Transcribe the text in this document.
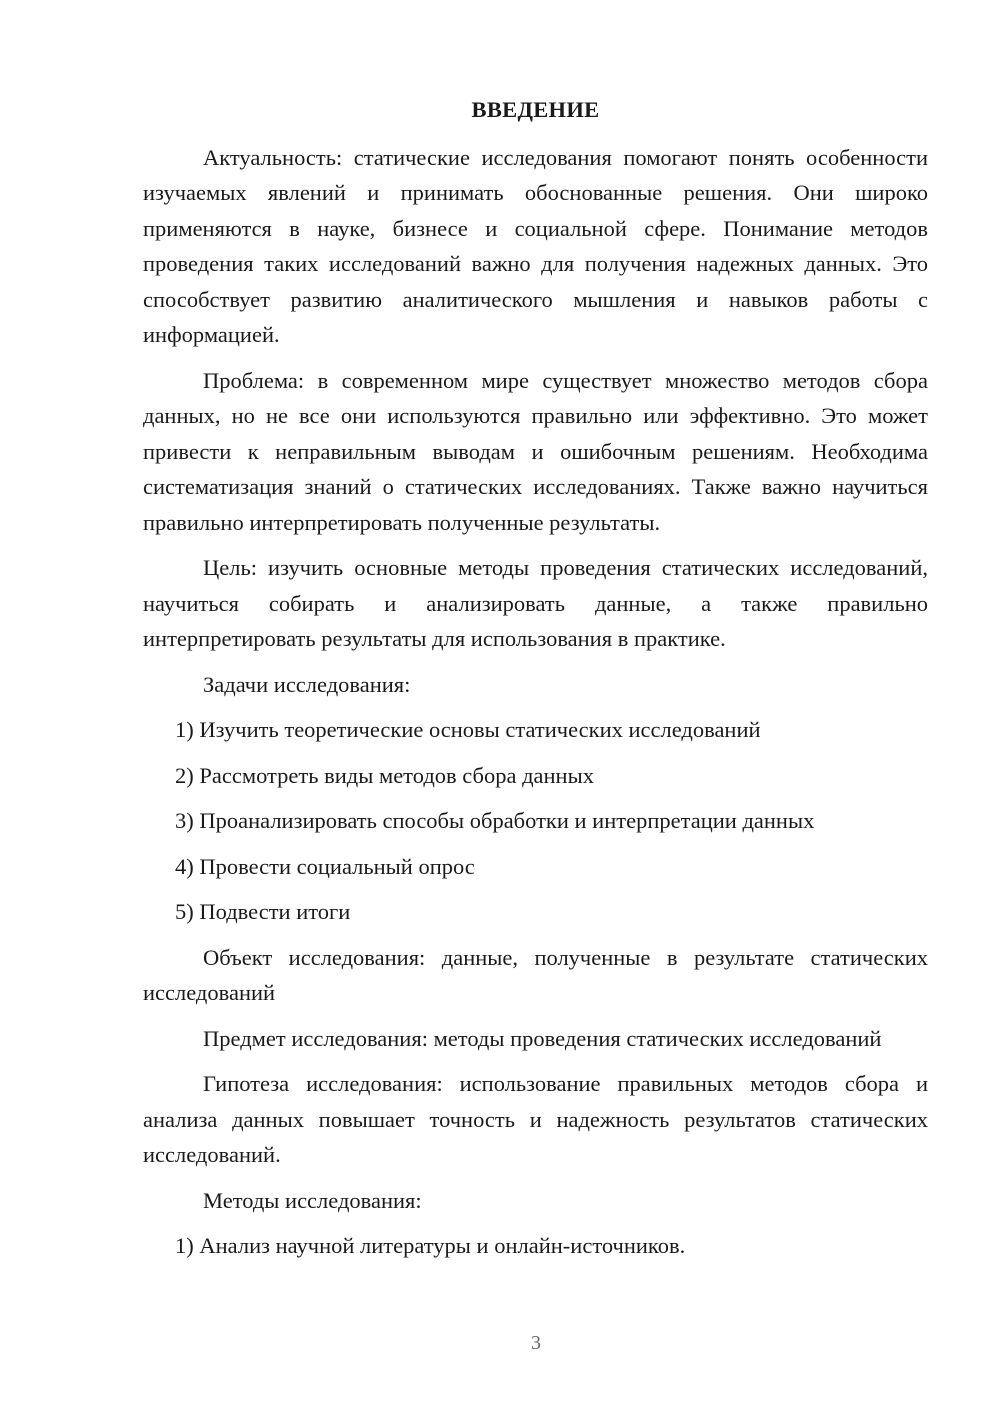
ВВЕДЕНИЕ

Актуальность: статические исследования помогают понять особенности изучаемых явлений и принимать обоснованные решения. Они широко применяются в науке, бизнесе и социальной сфере. Понимание методов проведения таких исследований важно для получения надежных данных. Это способствует развитию аналитического мышления и навыков работы с информацией.

Проблема: в современном мире существует множество методов сбора данных, но не все они используются правильно или эффективно. Это может привести к неправильным выводам и ошибочным решениям. Необходима систематизация знаний о статических исследованиях. Также важно научиться правильно интерпретировать полученные результаты.

Цель: изучить основные методы проведения статических исследований, научиться собирать и анализировать данные, а также правильно интерпретировать результаты для использования в практике.

Задачи исследования:

1) Изучить теоретические основы статических исследований

2) Рассмотреть виды методов сбора данных

3) Проанализировать способы обработки и интерпретации данных

4) Провести социальный опрос

5) Подвести итоги

Объект исследования: данные, полученные в результате статических исследований

Предмет исследования: методы проведения статических исследований

Гипотеза исследования: использование правильных методов сбора и анализа данных повышает точность и надежность результатов статических исследований.

Методы исследования:

1) Анализ научной литературы и онлайн-источников.

3
